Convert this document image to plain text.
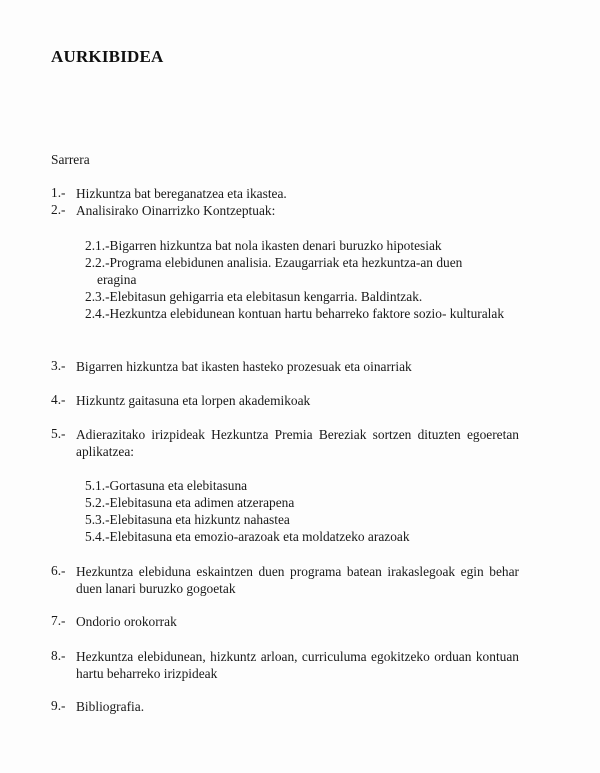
AURKIBIDEA
Sarrera
1.- Hizkuntza bat bereganatzea eta ikastea.
2.- Analisirako Oinarrizko Kontzeptuak:
2.1.-Bigarren hizkuntza bat nola ikasten denari buruzko hipotesiak
2.2.-Programa elebidunen analisia. Ezaugarriak eta hezkuntza-an duen
eragina
2.3.-Elebitasun gehigarria eta elebitasun kengarria. Baldintzak.
2.4.-Hezkuntza elebidunean kontuan hartu beharreko faktore sozio- kulturalak
3.- Bigarren hizkuntza bat ikasten hasteko prozesuak eta oinarriak
4.- Hizkuntz gaitasuna eta lorpen akademikoak
5.- Adierazitako irizpideak Hezkuntza Premia Bereziak sortzen dituzten egoeretan aplikatzea:
5.1.-Gortasuna eta elebitasuna
5.2.-Elebitasuna eta adimen atzerapena
5.3.-Elebitasuna eta hizkuntz nahastea
5.4.-Elebitasuna eta emozio-arazoak eta moldatzeko arazoak
6.- Hezkuntza elebiduna eskaintzen duen programa batean irakaslegoak egin behar duen lanari buruzko gogoetak
7.- Ondorio orokorrak
8.- Hezkuntza elebidunean, hizkuntz arloan, curriculuma egokitzeko orduan kontuan hartu beharreko irizpideak
9.- Bibliografia.
